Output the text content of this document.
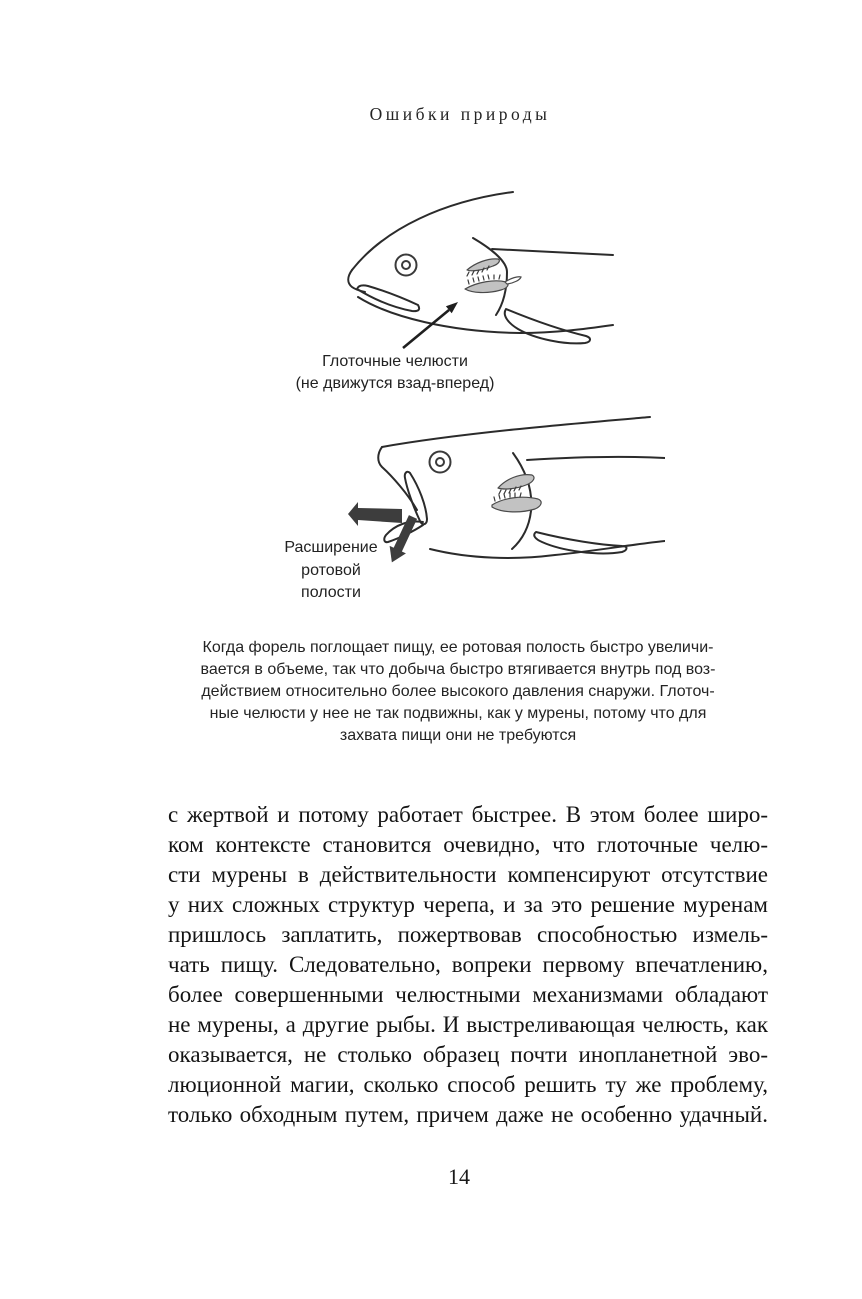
Ошибки природы
Глоточные челюсти
(не движутся взад-вперед)
Расширение
ротовой
полости
Когда форель поглощает пищу, ее ротовая полость быстро увеличи-
вается в объеме, так что добыча быстро втягивается внутрь под воз-
действием относительно более высокого давления снаружи. Глоточ-
ные челюсти у нее не так подвижны, как у мурены, потому что для
захвата пищи они не требуются
с жертвой и потому работает быстрее. В этом более широ-
ком контексте становится очевидно, что глоточные челю-
сти мурены в действительности компенсируют отсутствие
у них сложных структур черепа, и за это решение муренам
пришлось заплатить, пожертвовав способностью измель-
чать пищу. Следовательно, вопреки первому впечатлению,
более совершенными челюстными механизмами обладают
не мурены, а другие рыбы. И выстреливающая челюсть, как
оказывается, не столько образец почти инопланетной эво-
люционной магии, сколько способ решить ту же проблему,
только обходным путем, причем даже не особенно удачный.
14
